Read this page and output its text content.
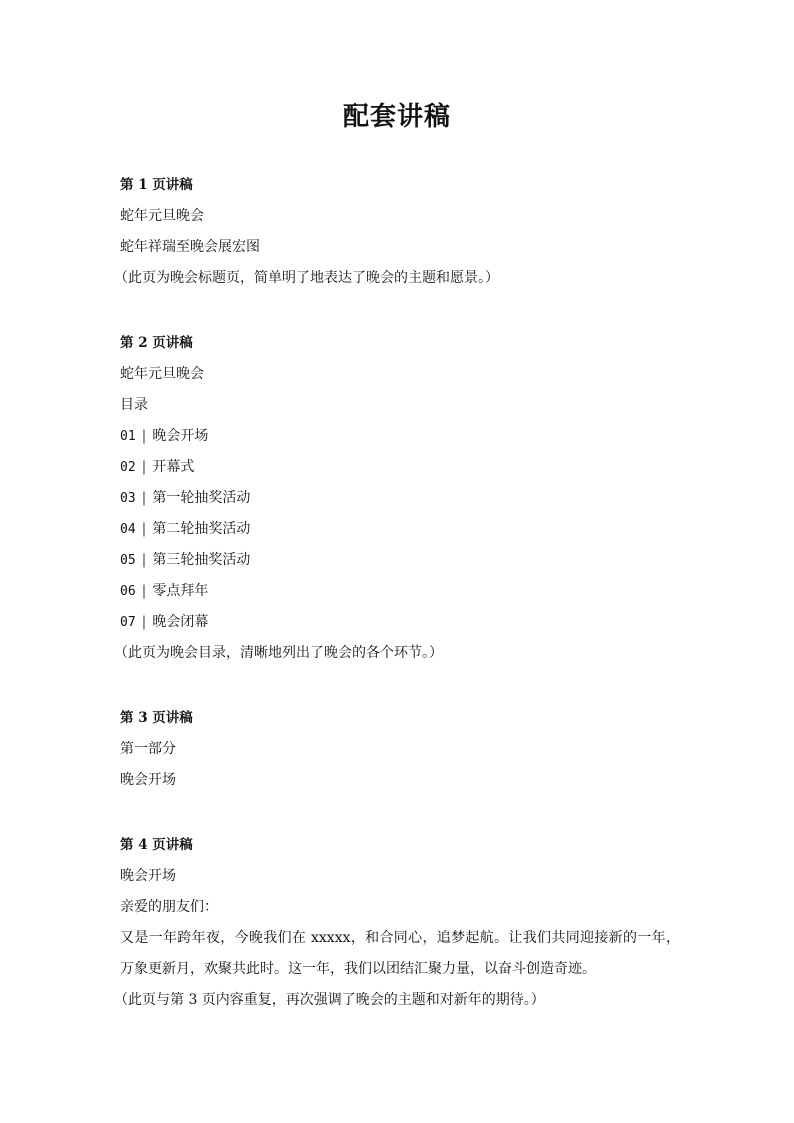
配套讲稿
第 1 页讲稿
蛇年元旦晚会
蛇年祥瑞至晚会展宏图
（此页为晚会标题页，简单明了地表达了晚会的主题和愿景。）
第 2 页讲稿
蛇年元旦晚会
目录
01 | 晚会开场
02 | 开幕式
03 | 第一轮抽奖活动
04 | 第二轮抽奖活动
05 | 第三轮抽奖活动
06 | 零点拜年
07 | 晚会闭幕
（此页为晚会目录，清晰地列出了晚会的各个环节。）
第 3 页讲稿
第一部分
晚会开场
第 4 页讲稿
晚会开场
亲爱的朋友们：
又是一年跨年夜，今晚我们在 xxxxx，和合同心，追梦起航。让我们共同迎接新的一年，万象更新月，欢聚共此时。这一年，我们以团结汇聚力量，以奋斗创造奇迹。
（此页与第 3 页内容重复，再次强调了晚会的主题和对新年的期待。）
